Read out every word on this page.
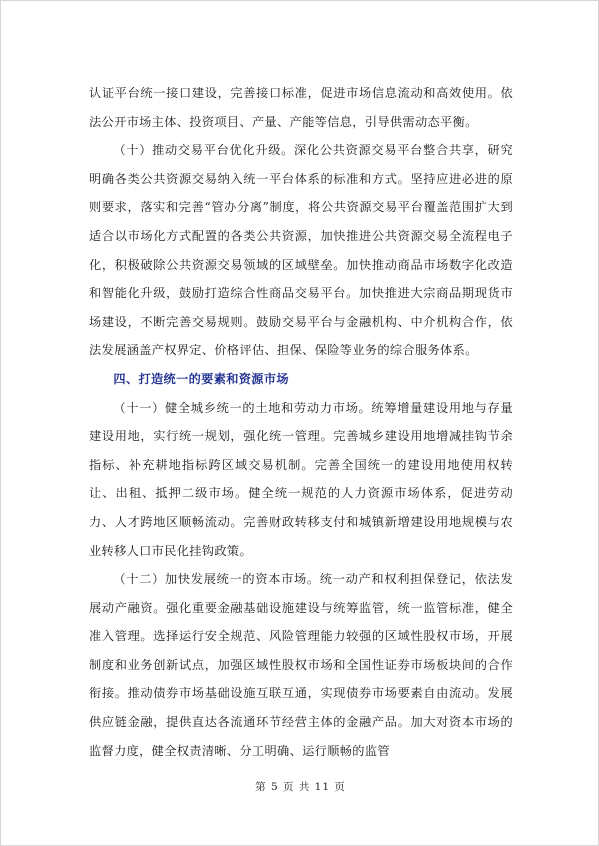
认证平台统一接口建设，完善接口标准，促进市场信息流动和高效使用。依法公开市场主体、投资项目、产量、产能等信息，引导供需动态平衡。

（十）推动交易平台优化升级。深化公共资源交易平台整合共享，研究明确各类公共资源交易纳入统一平台体系的标准和方式。坚持应进必进的原则要求，落实和完善“管办分离”制度，将公共资源交易平台覆盖范围扩大到适合以市场化方式配置的各类公共资源，加快推进公共资源交易全流程电子化，积极破除公共资源交易领域的区域壁垒。加快推动商品市场数字化改造和智能化升级，鼓励打造综合性商品交易平台。加快推进大宗商品期现货市场建设，不断完善交易规则。鼓励交易平台与金融机构、中介机构合作，依法发展涵盖产权界定、价格评估、担保、保险等业务的综合服务体系。

四、打造统一的要素和资源市场

（十一）健全城乡统一的土地和劳动力市场。统筹增量建设用地与存量建设用地，实行统一规划，强化统一管理。完善城乡建设用地增减挂钩节余指标、补充耕地指标跨区域交易机制。完善全国统一的建设用地使用权转让、出租、抵押二级市场。健全统一规范的人力资源市场体系，促进劳动力、人才跨地区顺畅流动。完善财政转移支付和城镇新增建设用地规模与农业转移人口市民化挂钩政策。

（十二）加快发展统一的资本市场。统一动产和权利担保登记，依法发展动产融资。强化重要金融基础设施建设与统筹监管，统一监管标准，健全准入管理。选择运行安全规范、风险管理能力较强的区域性股权市场，开展制度和业务创新试点，加强区域性股权市场和全国性证券市场板块间的合作衔接。推动债券市场基础设施互联互通，实现债券市场要素自由流动。发展供应链金融，提供直达各流通环节经营主体的金融产品。加大对资本市场的监督力度，健全权责清晰、分工明确、运行顺畅的监管

第 5 页 共 11 页
